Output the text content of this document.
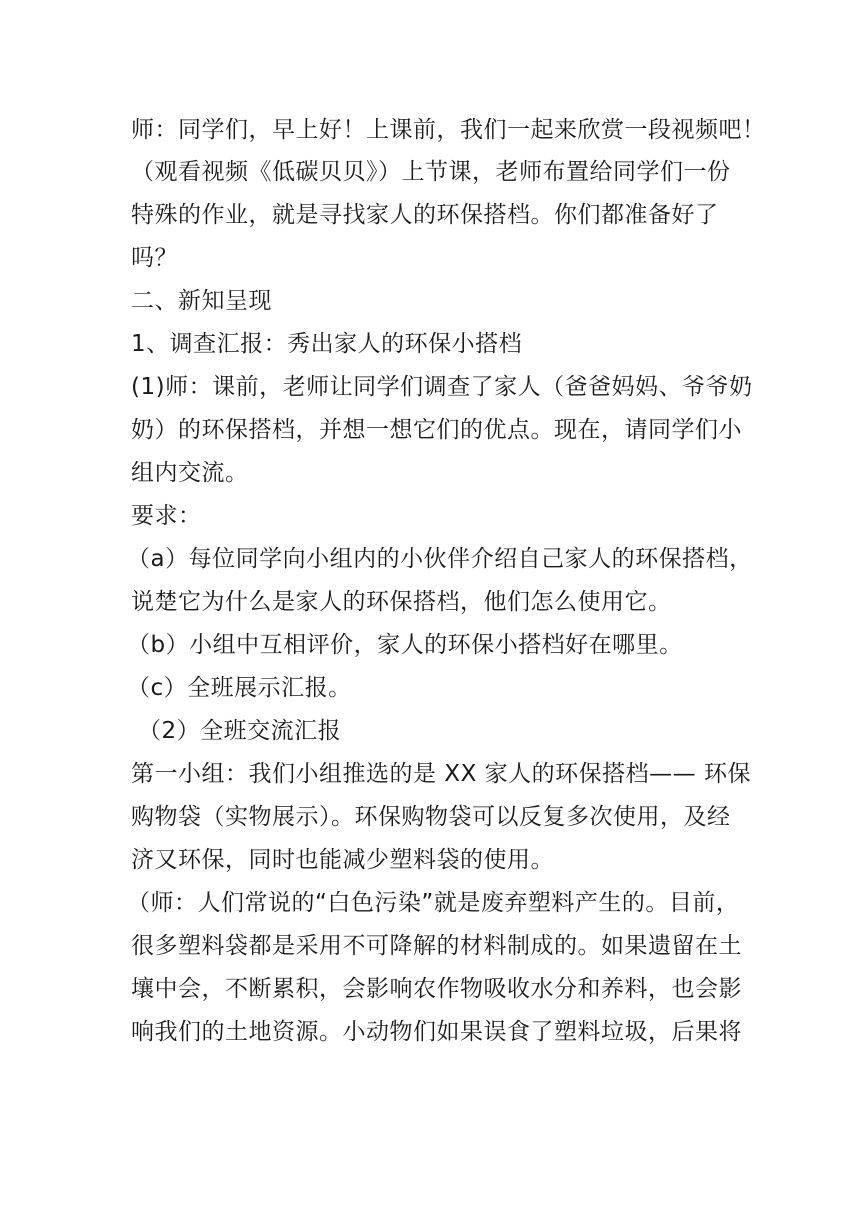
师：同学们，早上好！上课前，我们一起来欣赏一段视频吧！
（观看视频《低碳贝贝》）上节课，老师布置给同学们一份
特殊的作业，就是寻找家人的环保搭档。你们都准备好了
吗？
二、新知呈现
1、调查汇报：秀出家人的环保小搭档
(1)师：课前，老师让同学们调查了家人（爸爸妈妈、爷爷奶
奶）的环保搭档，并想一想它们的优点。现在，请同学们小
组内交流。
要求：
（a）每位同学向小组内的小伙伴介绍自己家人的环保搭档，
说楚它为什么是家人的环保搭档，他们怎么使用它。
（b）小组中互相评价，家人的环保小搭档好在哪里。
（c）全班展示汇报。
（2）全班交流汇报
第一小组：我们小组推选的是 XX 家人的环保搭档—— 环保
购物袋（实物展示）。环保购物袋可以反复多次使用，及经
济又环保，同时也能减少塑料袋的使用。
（师：人们常说的“白色污染”就是废弃塑料产生的。目前，
很多塑料袋都是采用不可降解的材料制成的。如果遗留在土
壤中会，不断累积，会影响农作物吸收水分和养料，也会影
响我们的土地资源。小动物们如果误食了塑料垃圾，后果将
